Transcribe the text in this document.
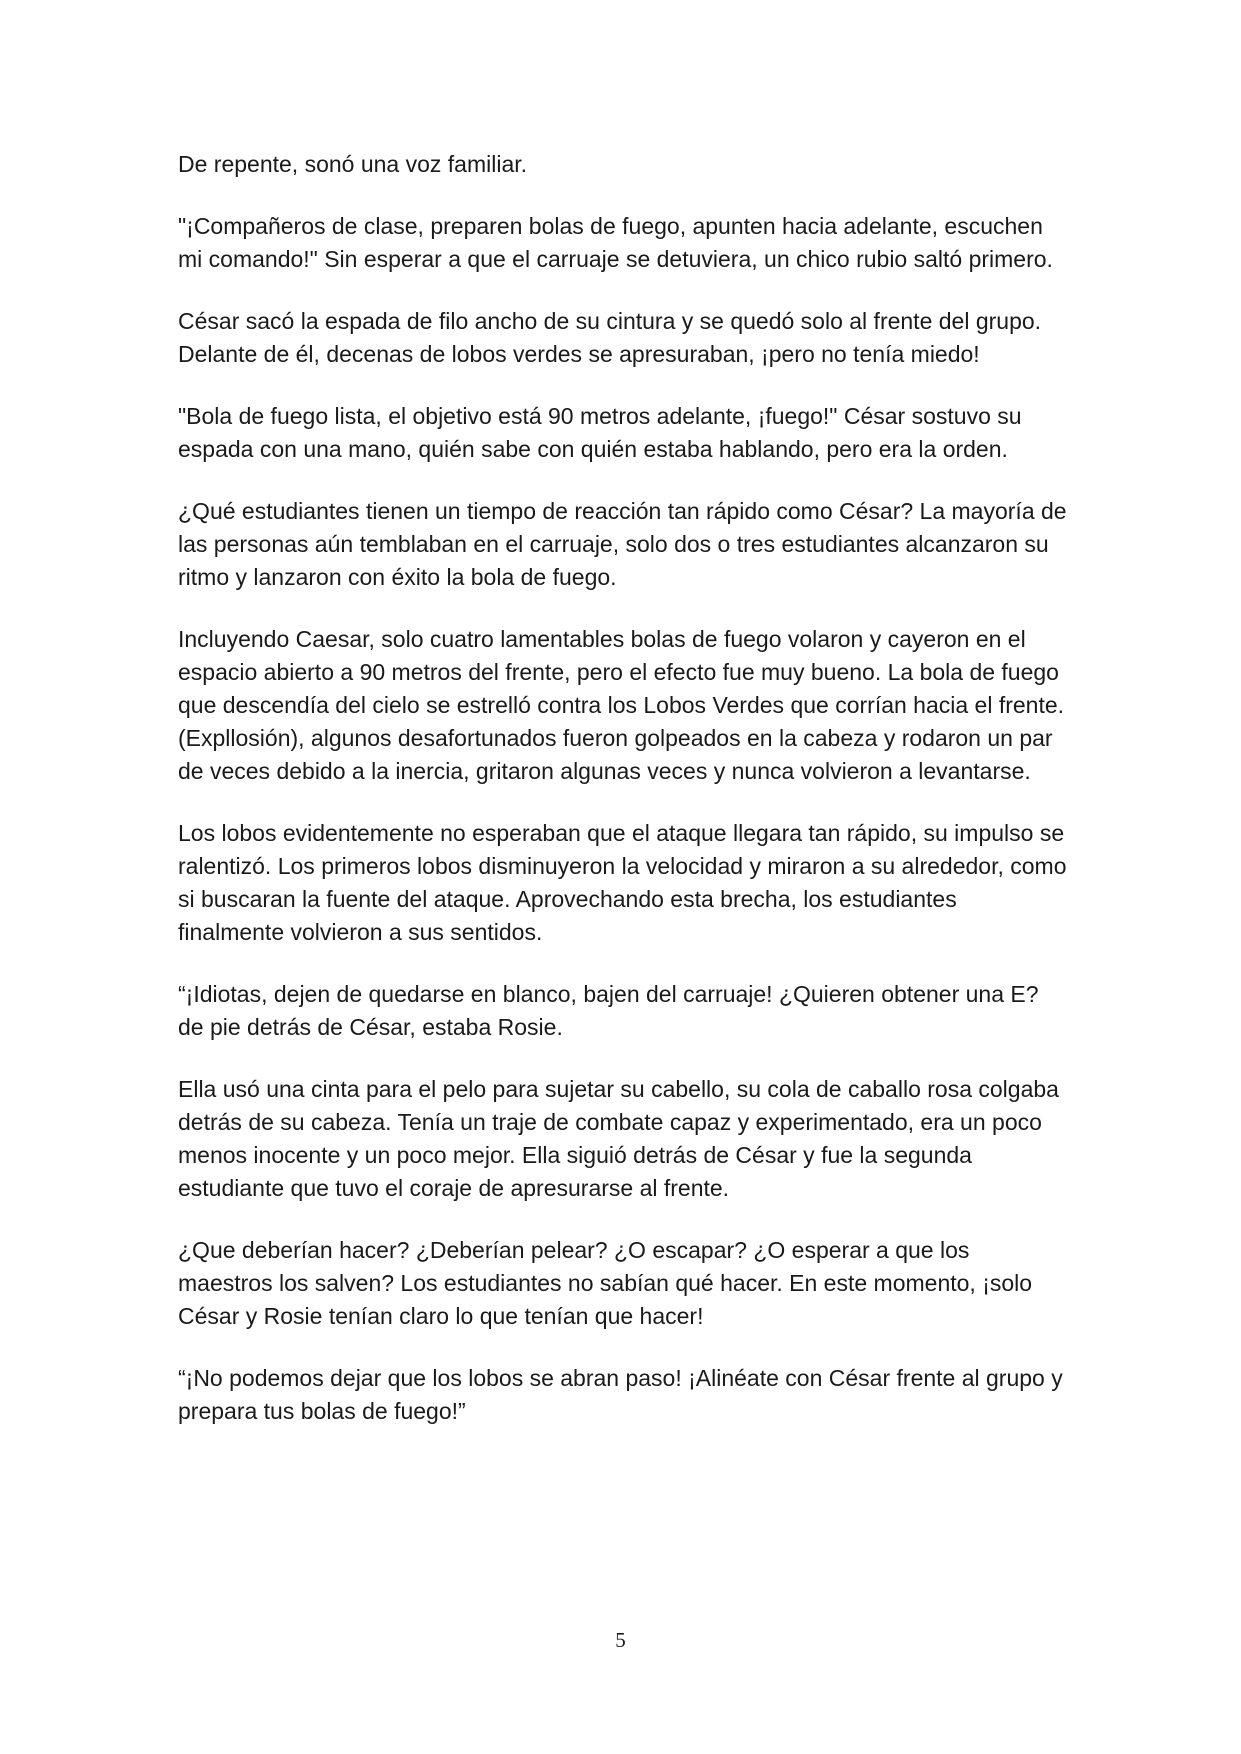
De repente, sonó una voz familiar.

"¡Compañeros de clase, preparen bolas de fuego, apunten hacia adelante, escuchen mi comando!" Sin esperar a que el carruaje se detuviera, un chico rubio saltó primero.

César sacó la espada de filo ancho de su cintura y se quedó solo al frente del grupo. Delante de él, decenas de lobos verdes se apresuraban, ¡pero no tenía miedo!

"Bola de fuego lista, el objetivo está 90 metros adelante, ¡fuego!" César sostuvo su espada con una mano, quién sabe con quién estaba hablando, pero era la orden.

¿Qué estudiantes tienen un tiempo de reacción tan rápido como César? La mayoría de las personas aún temblaban en el carruaje, solo dos o tres estudiantes alcanzaron su ritmo y lanzaron con éxito la bola de fuego.

Incluyendo Caesar, solo cuatro lamentables bolas de fuego volaron y cayeron en el espacio abierto a 90 metros del frente, pero el efecto fue muy bueno. La bola de fuego que descendía del cielo se estrelló contra los Lobos Verdes que corrían hacia el frente. (Expllosión), algunos desafortunados fueron golpeados en la cabeza y rodaron un par de veces debido a la inercia, gritaron algunas veces y nunca volvieron a levantarse.

Los lobos evidentemente no esperaban que el ataque llegara tan rápido, su impulso se ralentizó. Los primeros lobos disminuyeron la velocidad y miraron a su alrededor, como si buscaran la fuente del ataque. Aprovechando esta brecha, los estudiantes finalmente volvieron a sus sentidos.

“¡Idiotas, dejen de quedarse en blanco, bajen del carruaje! ¿Quieren obtener una E? de pie detrás de César, estaba Rosie.

Ella usó una cinta para el pelo para sujetar su cabello, su cola de caballo rosa colgaba detrás de su cabeza. Tenía un traje de combate capaz y experimentado, era un poco menos inocente y un poco mejor. Ella siguió detrás de César y fue la segunda estudiante que tuvo el coraje de apresurarse al frente.

¿Que deberían hacer? ¿Deberían pelear? ¿O escapar? ¿O esperar a que los maestros los salven? Los estudiantes no sabían qué hacer. En este momento, ¡solo César y Rosie tenían claro lo que tenían que hacer!

“¡No podemos dejar que los lobos se abran paso! ¡Alinéate con César frente al grupo y prepara tus bolas de fuego!”

5
